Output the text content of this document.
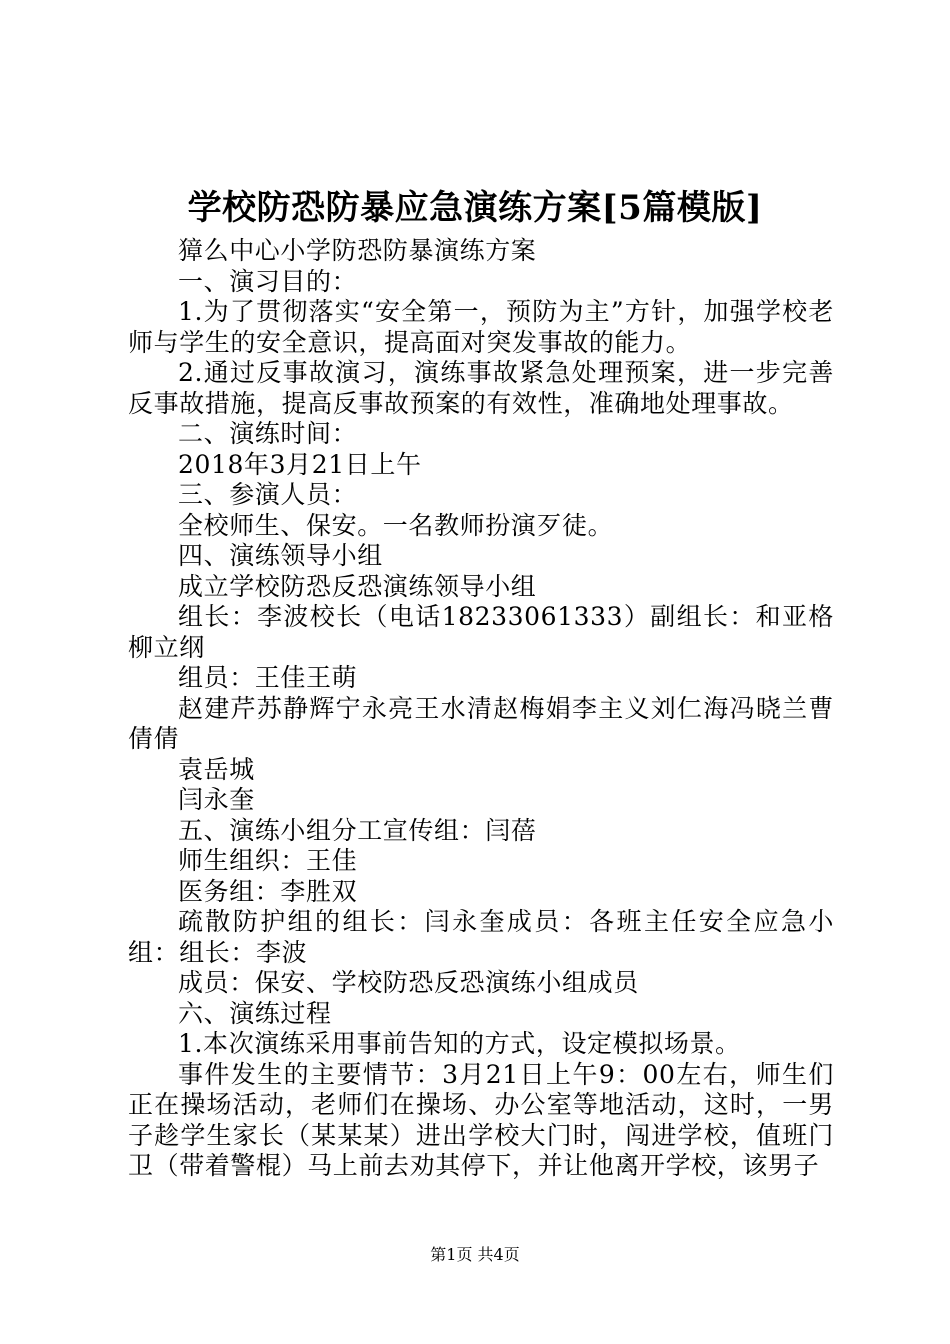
学校防恐防暴应急演练方案[5篇模版]

獐么中心小学防恐防暴演练方案

一、演习目的：

1.为了贯彻落实“安全第一，预防为主”方针，加强学校老师与学生的安全意识，提高面对突发事故的能力。

2.通过反事故演习，演练事故紧急处理预案，进一步完善反事故措施，提高反事故预案的有效性，准确地处理事故。

二、演练时间：

2018年3月21日上午

三、参演人员：

全校师生、保安。一名教师扮演歹徒。

四、演练领导小组

成立学校防恐反恐演练领导小组

组长：李波校长（电话18233061333）副组长：和亚格柳立纲

组员：王佳王萌

赵建芹苏静辉宁永亮王水清赵梅娟李主义刘仁海冯晓兰曹倩倩

袁岳城

闫永奎

五、演练小组分工宣传组：闫蓓

师生组织：王佳

医务组：李胜双

疏散防护组的组长：闫永奎成员：各班主任安全应急小组：组长：李波

成员：保安、学校防恐反恐演练小组成员

六、演练过程

1.本次演练采用事前告知的方式，设定模拟场景。

事件发生的主要情节：3月21日上午9：00左右，师生们正在操场活动，老师们在操场、办公室等地活动，这时，一男子趁学生家长（某某某）进出学校大门时，闯进学校，值班门卫（带着警棍）马上前去劝其停下，并让他离开学校，该男子

第1页 共4页
